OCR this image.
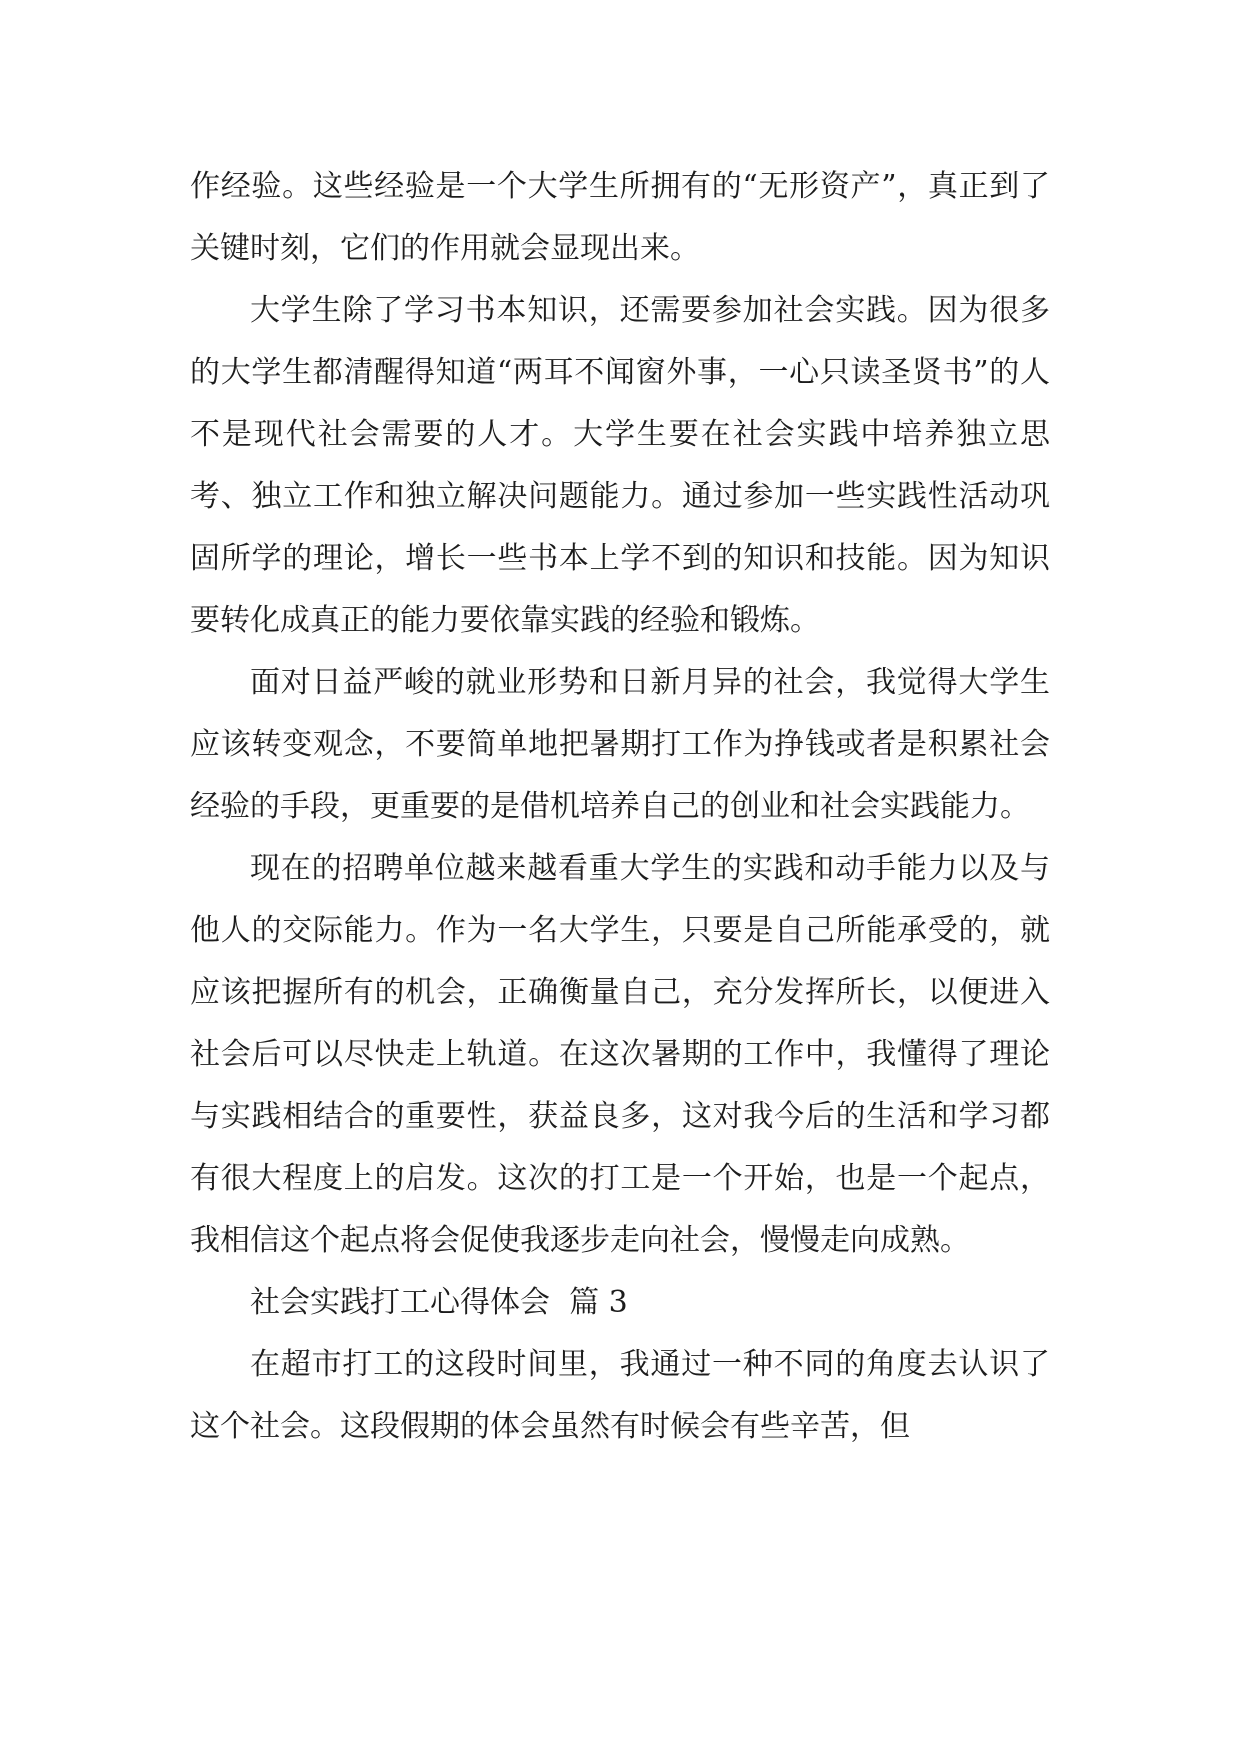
作经验。这些经验是一个大学生所拥有的“无形资产”，真正到了关键时刻，它们的作用就会显现出来。

大学生除了学习书本知识，还需要参加社会实践。因为很多的大学生都清醒得知道“两耳不闻窗外事，一心只读圣贤书”的人不是现代社会需要的人才。大学生要在社会实践中培养独立思考、独立工作和独立解决问题能力。通过参加一些实践性活动巩固所学的理论，增长一些书本上学不到的知识和技能。因为知识要转化成真正的能力要依靠实践的经验和锻炼。

面对日益严峻的就业形势和日新月异的社会，我觉得大学生应该转变观念，不要简单地把暑期打工作为挣钱或者是积累社会经验的手段，更重要的是借机培养自己的创业和社会实践能力。

现在的招聘单位越来越看重大学生的实践和动手能力以及与他人的交际能力。作为一名大学生，只要是自己所能承受的，就应该把握所有的机会，正确衡量自己，充分发挥所长，以便进入社会后可以尽快走上轨道。在这次暑期的工作中，我懂得了理论与实践相结合的重要性，获益良多，这对我今后的生活和学习都有很大程度上的启发。这次的打工是一个开始，也是一个起点，我相信这个起点将会促使我逐步走向社会，慢慢走向成熟。

社会实践打工心得体会  篇 3

在超市打工的这段时间里，我通过一种不同的角度去认识了这个社会。这段假期的体会虽然有时候会有些辛苦，但
